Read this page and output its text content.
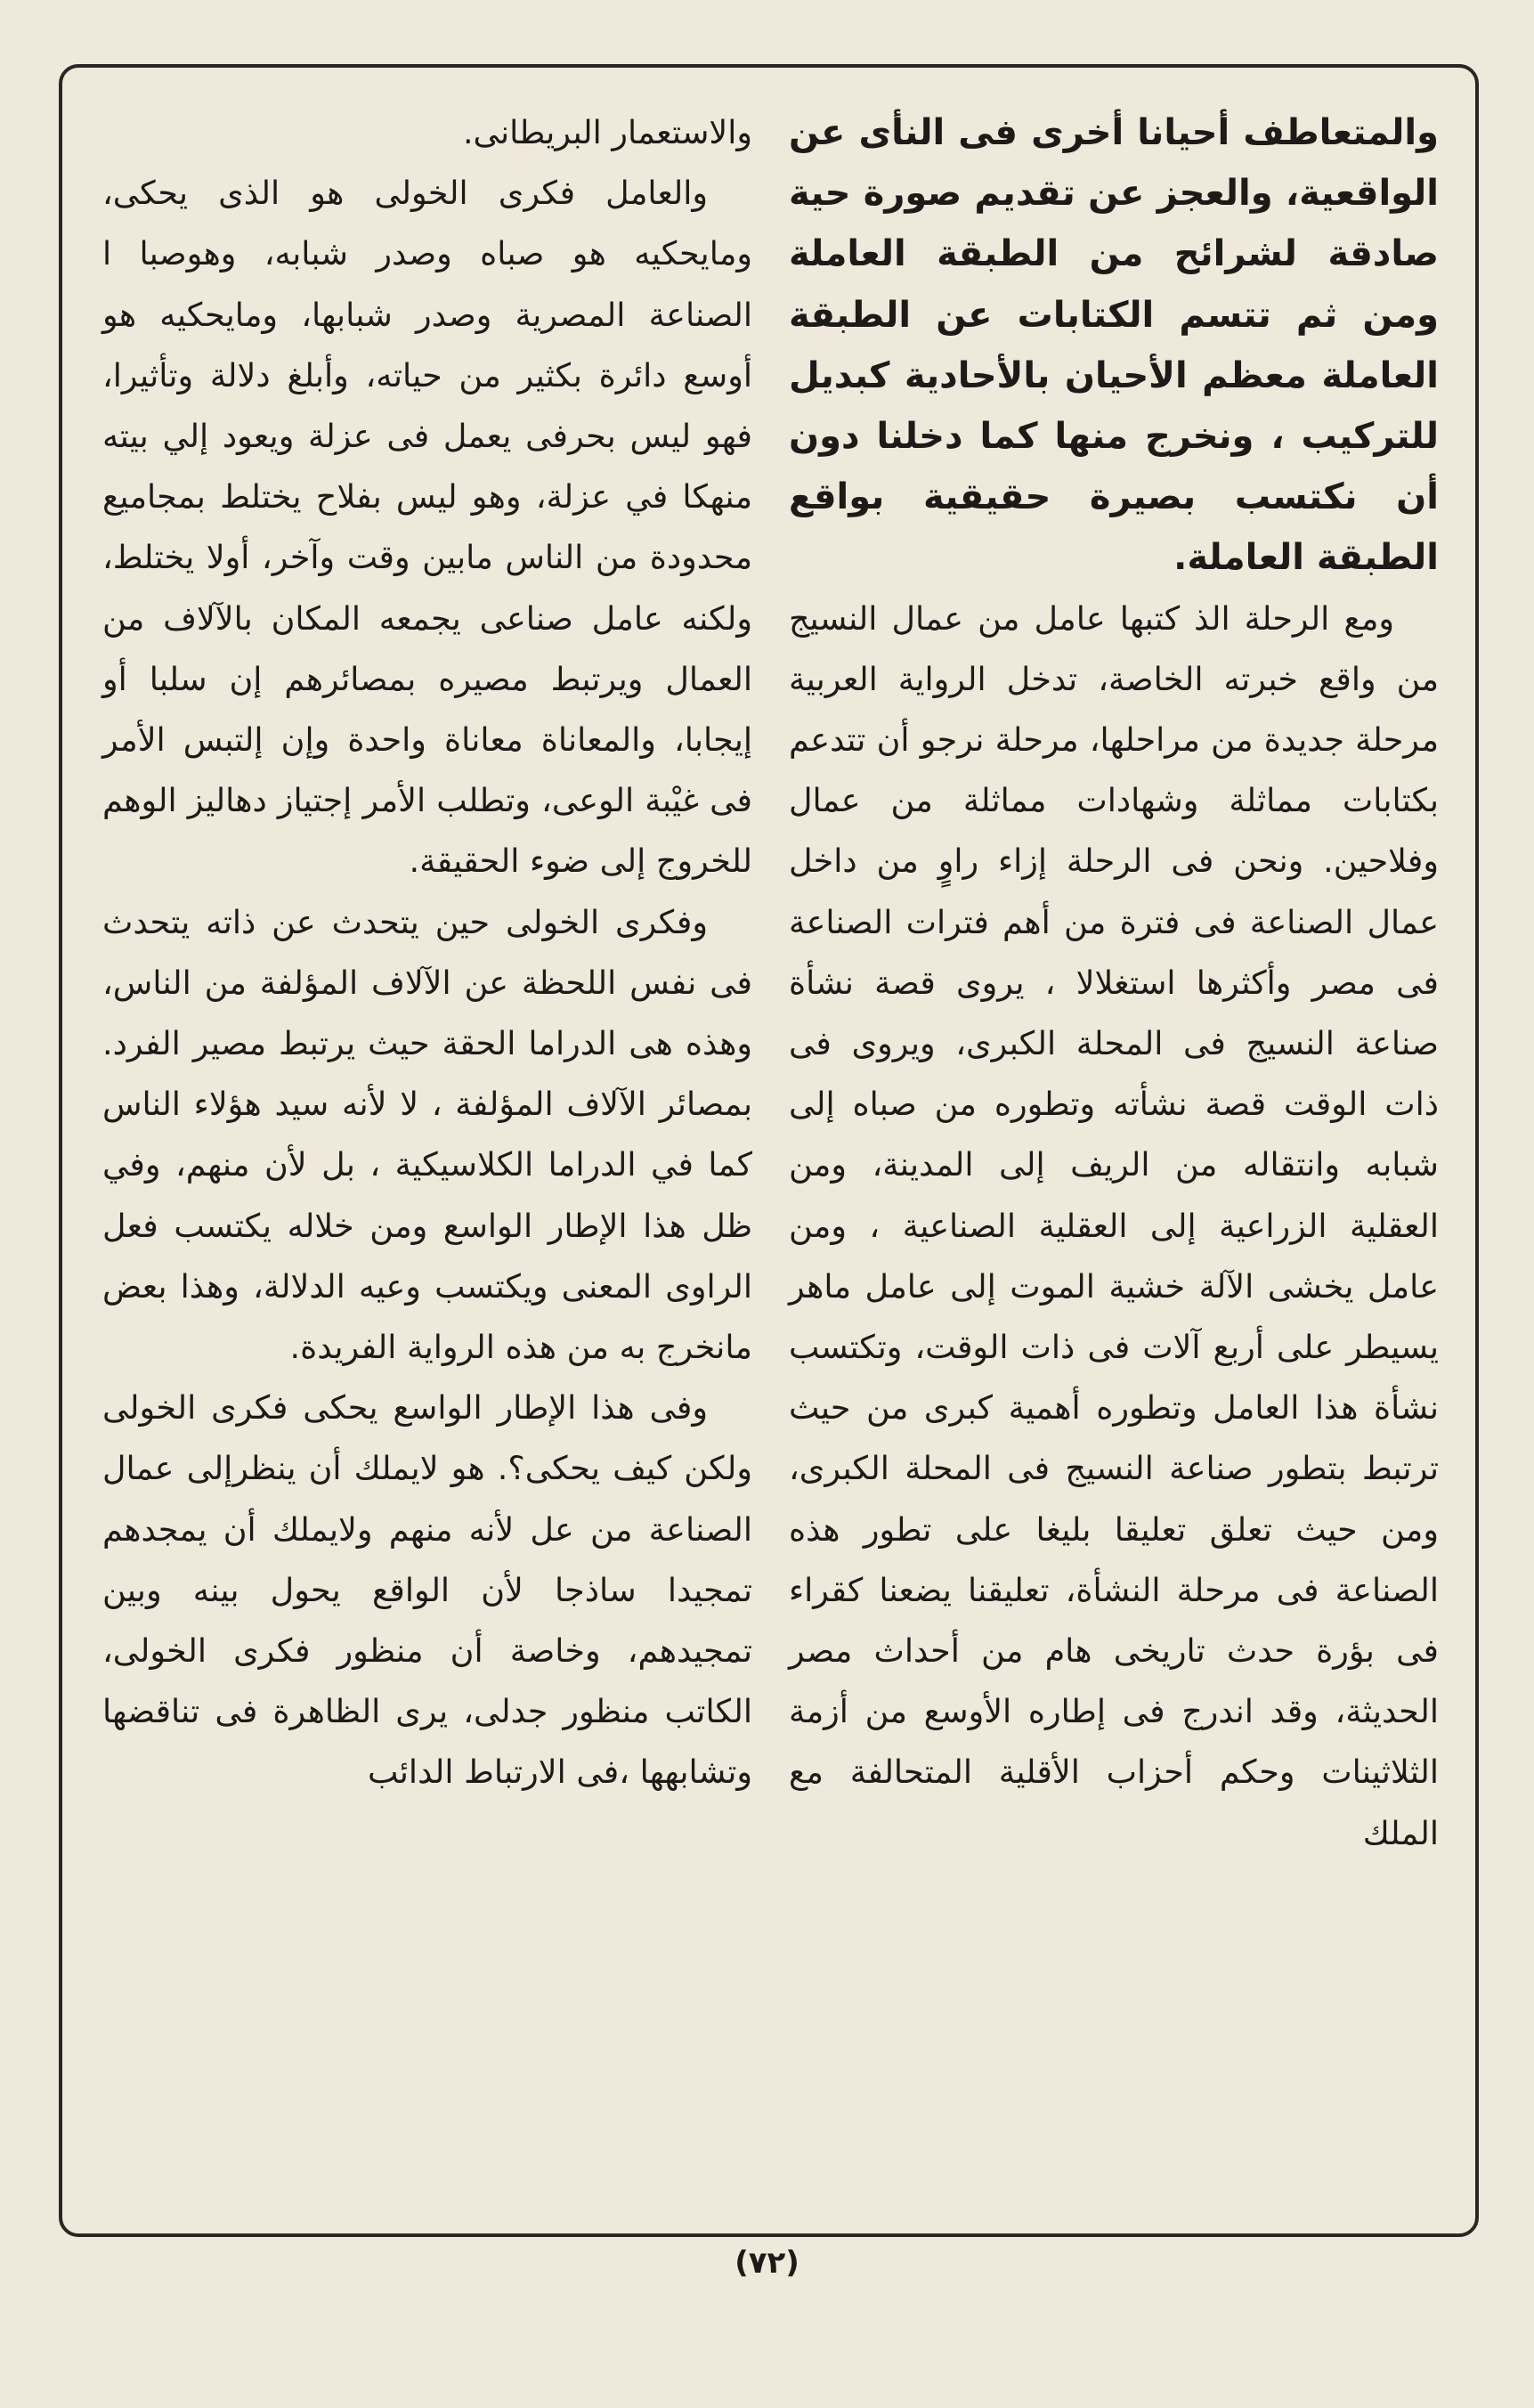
والمتعاطف أحيانا أخرى فى النأى عن الواقعية، والعجز عن تقديم صورة حية صادقة لشرائح من الطبقة العاملة ومن ثم تتسم الكتابات عن الطبقة العاملة معظم الأحيان بالأحادية كبديل للتركيب ، ونخرج منها كما دخلنا دون أن نكتسب بصيرة حقيقية بواقع الطبقة العاملة.

ومع الرحلة الذ كتبها عامل من عمال النسيج من واقع خبرته الخاصة، تدخل الرواية العربية مرحلة جديدة من مراحلها، مرحلة نرجو أن تتدعم بكتابات مماثلة وشهادات مماثلة من عمال وفلاحين. ونحن فى الرحلة إزاء راوٍ من داخل عمال الصناعة فى فترة من أهم فترات الصناعة فى مصر وأكثرها استغلالا ، يروى قصة نشأة صناعة النسيج فى المحلة الكبرى، ويروى فى ذات الوقت قصة نشأته وتطوره من صباه إلى شبابه وانتقاله من الريف إلى المدينة، ومن العقلية الزراعية إلى العقلية الصناعية ، ومن عامل يخشى الآلة خشية الموت إلى عامل ماهر يسيطر على أربع آلات فى ذات الوقت، وتكتسب نشأة هذا العامل وتطوره أهمية كبرى من حيث ترتبط بتطور صناعة النسيج فى المحلة الكبرى، ومن حيث تعلق تعليقا بليغا على تطور هذه الصناعة فى مرحلة النشأة، تعليقنا يضعنا كقراء فى بؤرة حدث تاريخى هام من أحداث مصر الحديثة، وقد اندرج فى إطاره الأوسع من أزمة الثلاثينات وحكم أحزاب الأقلية المتحالفة مع الملك

والاستعمار البريطانى.

والعامل فكرى الخولى هو الذى يحكى، ومايحكيه هو صباه وصدر شبابه، وهوصبا ا الصناعة المصرية وصدر شبابها، ومايحكيه هو أوسع دائرة بكثير من حياته، وأبلغ دلالة وتأثيرا، فهو ليس بحرفى يعمل فى عزلة ويعود إلي بيته منهكا في عزلة، وهو ليس بفلاح يختلط بمجاميع محدودة من الناس مابين وقت وآخر، أولا يختلط، ولكنه عامل صناعى يجمعه المكان بالآلاف من العمال ويرتبط مصيره بمصائرهم إن سلبا أو إيجابا، والمعاناة معاناة واحدة وإن إلتبس الأمر فى غيْبة الوعى، وتطلب الأمر إجتياز دهاليز الوهم للخروج إلى ضوء الحقيقة.

وفكرى الخولى حين يتحدث عن ذاته يتحدث فى نفس اللحظة عن الآلاف المؤلفة من الناس، وهذه هى الدراما الحقة حيث يرتبط مصير الفرد. بمصائر الآلاف المؤلفة ، لا لأنه سيد هؤلاء الناس كما في الدراما الكلاسيكية ، بل لأن منهم، وفي ظل هذا الإطار الواسع ومن خلاله يكتسب فعل الراوى المعنى ويكتسب وعيه الدلالة، وهذا بعض مانخرج به من هذه الرواية الفريدة.

وفى هذا الإطار الواسع يحكى فكرى الخولى ولكن كيف يحكى؟. هو لايملك أن ينظرإلى عمال الصناعة من عل لأنه منهم ولايملك أن يمجدهم تمجيدا ساذجا لأن الواقع يحول بينه وبين تمجيدهم، وخاصة أن منظور فكرى الخولى، الكاتب منظور جدلى، يرى الظاهرة فى تناقضها وتشابهها ،فى الارتباط الدائب

(٧٢)
